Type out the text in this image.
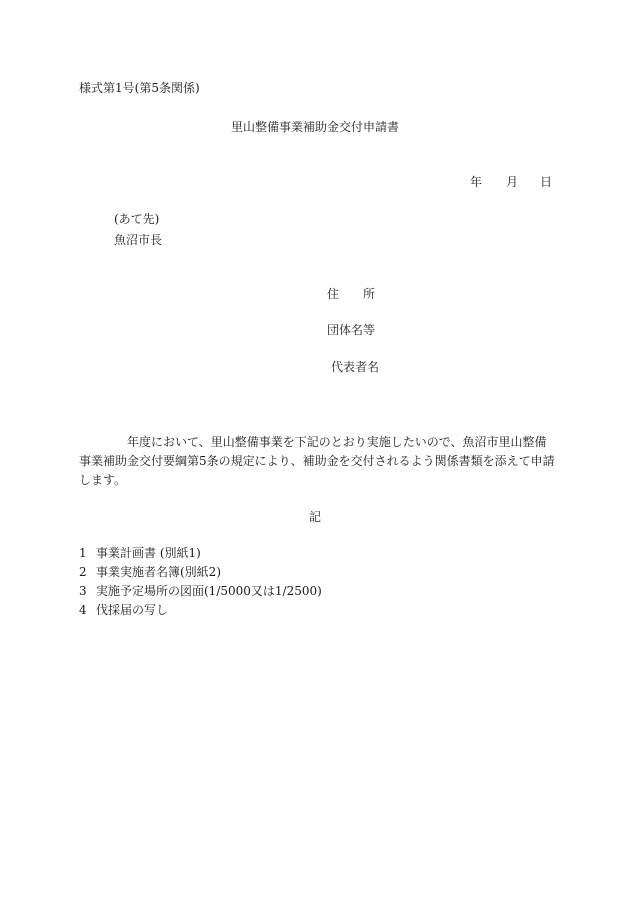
様式第1号(第5条関係)
里山整備事業補助金交付申請書
年 月 日
(あて先)
魚沼市長
住 所
団体名等
代表者名
年度において、里山整備事業を下記のとおり実施したいので、魚沼市里山整備事業補助金交付要綱第5条の規定により、補助金を交付されるよう関係書類を添えて申請します。
記
1 事業計画書 (別紙1)
2 事業実施者名簿(別紙2)
3 実施予定場所の図面(1/5000又は1/2500)
4 伐採届の写し
